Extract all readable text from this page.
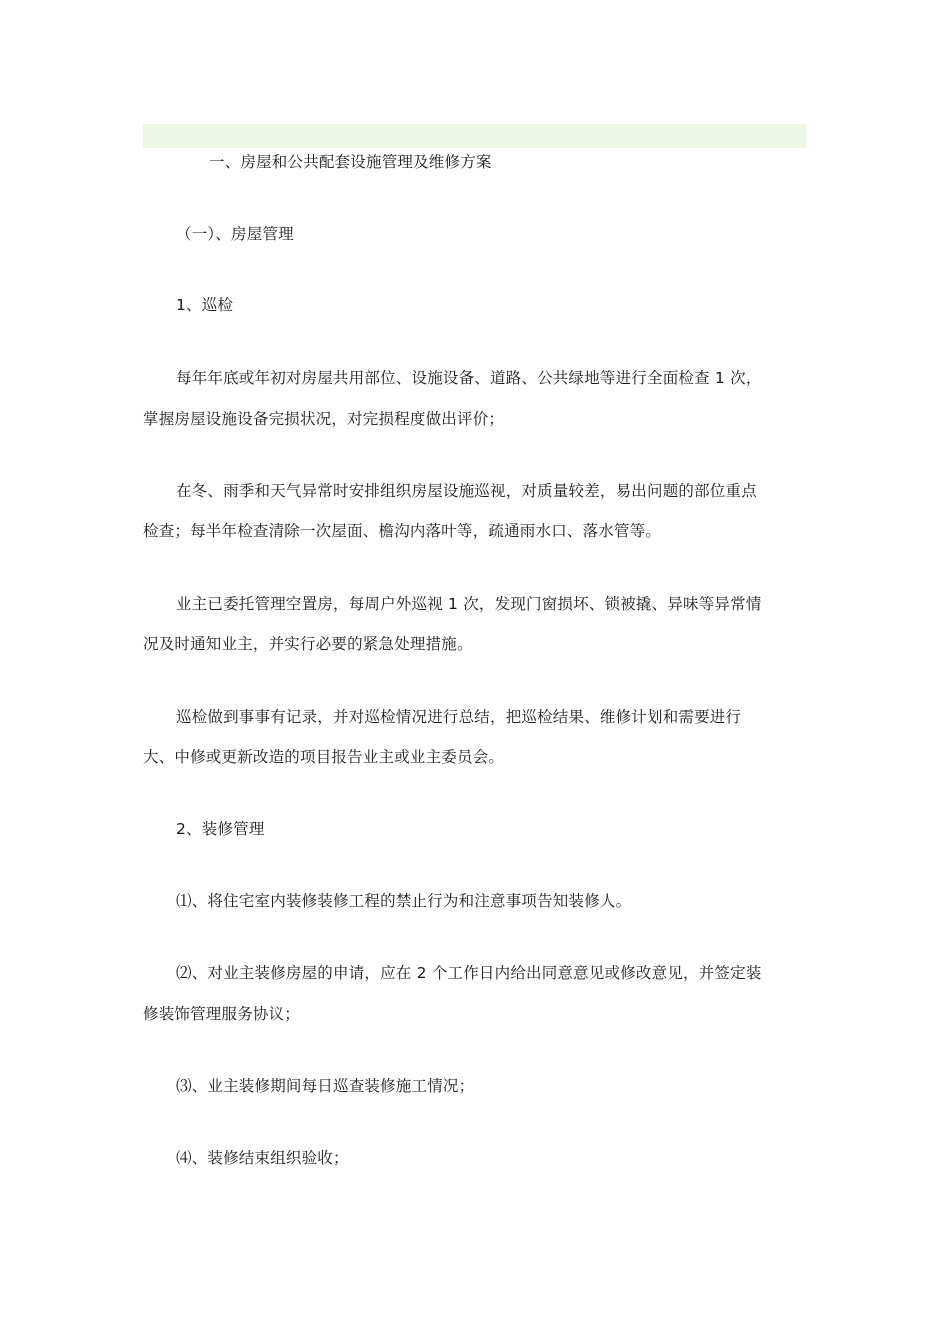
一、房屋和公共配套设施管理及维修方案
（一）、房屋管理
1、巡检
每年年底或年初对房屋共用部位、设施设备、道路、公共绿地等进行全面检查 1 次，
掌握房屋设施设备完损状况，对完损程度做出评价；
在冬、雨季和天气异常时安排组织房屋设施巡视，对质量较差，易出问题的部位重点
检查；每半年检查清除一次屋面、檐沟内落叶等，疏通雨水口、落水管等。
业主已委托管理空置房，每周户外巡视 1 次，发现门窗损坏、锁被撬、异味等异常情
况及时通知业主，并实行必要的紧急处理措施。
巡检做到事事有记录，并对巡检情况进行总结，把巡检结果、维修计划和需要进行
大、中修或更新改造的项目报告业主或业主委员会。
2、装修管理
⑴、将住宅室内装修装修工程的禁止行为和注意事项告知装修人。
⑵、对业主装修房屋的申请，应在 2 个工作日内给出同意意见或修改意见，并签定装
修装饰管理服务协议；
⑶、业主装修期间每日巡查装修施工情况；
⑷、装修结束组织验收；
